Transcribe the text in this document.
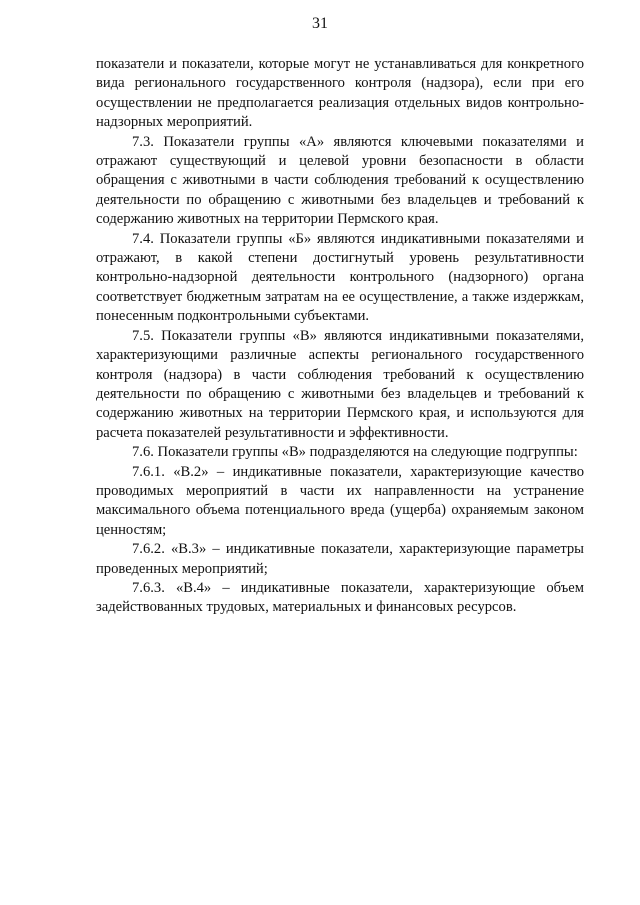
31

показатели и показатели, которые могут не устанавливаться для конкретного вида регионального государственного контроля (надзора), если при его осуществлении не предполагается реализация отдельных видов контрольно-надзорных мероприятий.

7.3. Показатели группы «А» являются ключевыми показателями и отражают существующий и целевой уровни безопасности в области обращения с животными в части соблюдения требований к осуществлению деятельности по обращению с животными без владельцев и требований к содержанию животных на территории Пермского края.

7.4. Показатели группы «Б» являются индикативными показателями и отражают, в какой степени достигнутый уровень результативности контрольно-надзорной деятельности контрольного (надзорного) органа соответствует бюджетным затратам на ее осуществление, а также издержкам, понесенным подконтрольными субъектами.

7.5. Показатели группы «В» являются индикативными показателями, характеризующими различные аспекты регионального государственного контроля (надзора) в части соблюдения требований к осуществлению деятельности по обращению с животными без владельцев и требований к содержанию животных на территории Пермского края, и используются для расчета показателей результативности и эффективности.

7.6. Показатели группы «В» подразделяются на следующие подгруппы:

7.6.1. «В.2» – индикативные показатели, характеризующие качество проводимых мероприятий в части их направленности на устранение максимального объема потенциального вреда (ущерба) охраняемым законом ценностям;

7.6.2. «В.3» – индикативные показатели, характеризующие параметры проведенных мероприятий;

7.6.3. «В.4» – индикативные показатели, характеризующие объем задействованных трудовых, материальных и финансовых ресурсов.
